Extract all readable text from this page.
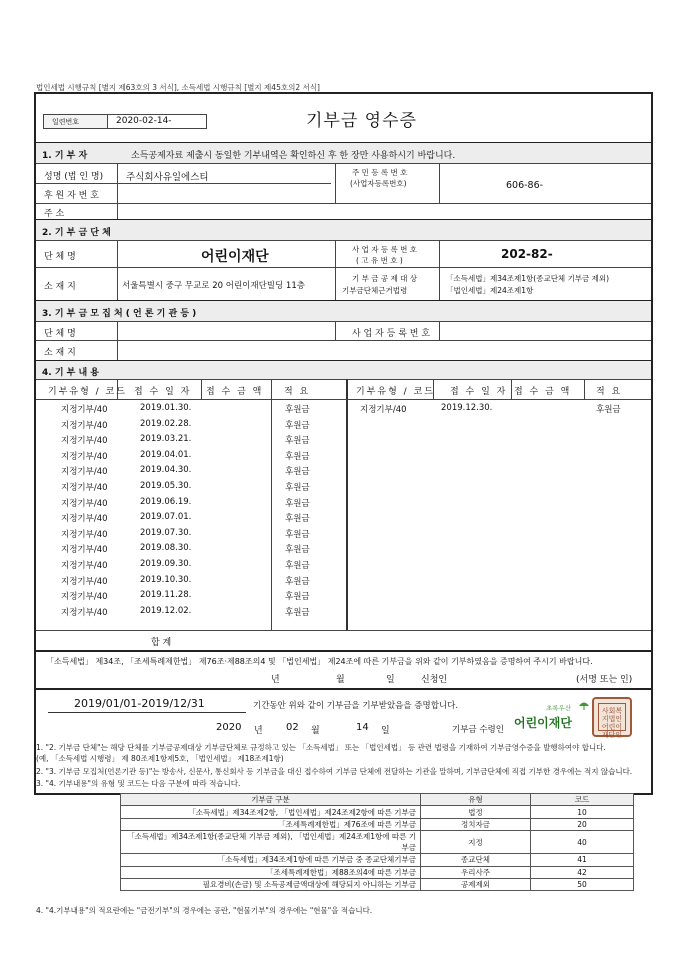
법인세법 시행규칙 [별지 제63호의 3 서식], 소득세법 시행규칙 [별지 제45호의2 서식]
일련번호	2020-02-14-	기부금 영수증
1. 기 부 자	소득공제자료 제출시 동일한 기부내역은 확인하신 후 한 장만 사용하시기 바랍니다.
성명 (법 인 명) 주식회사유일에스티	주 민 등 록 번 호
(사업자등록번호)	606-86-
후 원 자 번 호
주 소
2. 기 부 금 단 체
단 체 명	어린이재단	사 업 자 등 록 번 호
( 고 유 번 호 )	202-82-
소 재 지	서울특별시 중구 무교로 20 어린이재단빌딩 11층
기 부 금 공 제 대 상
기부금단체근거법령
「소득세법」제34조제1항(종교단체 기부금 제외)
「법인세법」제24조제1항
3. 기 부 금 모 집 처 ( 언 론 기 관 등 )
단 체 명	사 업 자 등 록 번 호
소 재 지
4. 기 부 내 용
기부유형 / 코드 접 수 일 자 접 수 금 액 적 요	기부유형 / 코드 접 수 일 자 접 수 금 액	적 요
지정기부/40	2019.01.30.	후원금
지정기부/40	2019.02.28.	후원금
지정기부/40	2019.03.21.	후원금
지정기부/40	2019.04.01.	후원금
지정기부/40	2019.04.30.	후원금
지정기부/40	2019.05.30.	후원금
지정기부/40	2019.06.19.	후원금
지정기부/40	2019.07.01.	후원금
지정기부/40	2019.07.30.	후원금
지정기부/40	2019.08.30.	후원금
지정기부/40	2019.09.30.	후원금
지정기부/40	2019.10.30.	후원금
지정기부/40	2019.11.28.	후원금
지정기부/40	2019.12.02.	후원금
지정기부/40	2019.12.30.	후원금
합 계
「소득세법」 제34조, 「조세특례제한법」 제76조·제88조의4 및 「법인세법」 제24조에 따른 기부금을 위와 같이 기부하였음을 증명하여 주시기 바랍니다.
년	월	일	신청인	(서명 또는 인)
2019/01/01-2019/12/31	기간동안 위와 같이 기부금을 기부받았음을 증명합니다.
2020 년 02 월	14 일	기부금 수령인
초록우산
어린이재단
사회복지법인어린이재단인
1. "2. 기부금 단체"는 해당 단체를 기부금공제대상 기부금단체로 규정하고 있는 「소득세법」 또는 「법인세법」 등 관련 법령을 기재하여 기부금영수증을 발행하여야 합니다.
(예, 「소득세법 시행령」 제 80조제1항제5호, 「법인세법」 제18조제1항)
2. "3. 기부금 모집처(언론기관 등)"는 방송사, 신문사, 통신회사 등 기부금을 대신 접수하여 기부금 단체에 전달하는 기관을 말하며, 기부금단체에 직접 기부한 경우에는 적지 않습니다.
3. "4. 기부내용"의 유형 및 코드는 다음 구분에 따라 적습니다.
기부금 구분	유형	코드
「소득세법」제34조제2항, 「법인세법」제24조제2항에 따른 기부금	법정	10
「조세특례제한법」제76조에 따른 기부금	정치자금	20
「소득세법」제34조제1항(종교단체 기부금 제외), 「법인세법」제24조제1항에 따른 기부금	지정	40
「소득세법」제34조제1항에 따른 기부금 중 종교단체기부금	종교단체	41
「조세특례제한법」제88조의4에 따른 기부금	우리사주	42
필요경비(손금) 및 소득공제금액대상에 해당되지 아니하는 기부금	공제제외	50
4. "4.기부내용"의 적요란에는 "금전기부"의 경우에는 공란, "현물기부"의 경우에는 "현물"을 적습니다.
